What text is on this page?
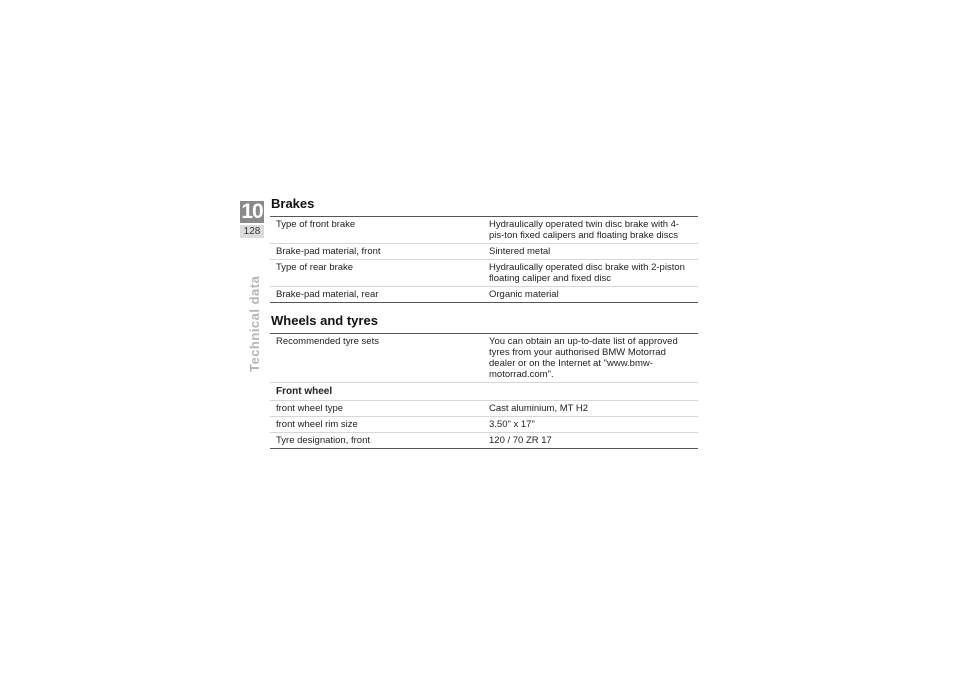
10
128
Technical data
Brakes
Type of front brake	Hydraulically operated twin disc brake with 4-pis-ton fixed calipers and floating brake discs
Brake-pad material, front	Sintered metal
Type of rear brake	Hydraulically operated disc brake with 2-piston floating caliper and fixed disc
Brake-pad material, rear	Organic material
Wheels and tyres
Recommended tyre sets	You can obtain an up-to-date list of approved tyres from your authorised BMW Motorrad dealer or on the Internet at "www.bmw-motorrad.com".
Front wheel	
front wheel type	Cast aluminium, MT H2
front wheel rim size	3.50" x 17"
Tyre designation, front	120 / 70 ZR 17
